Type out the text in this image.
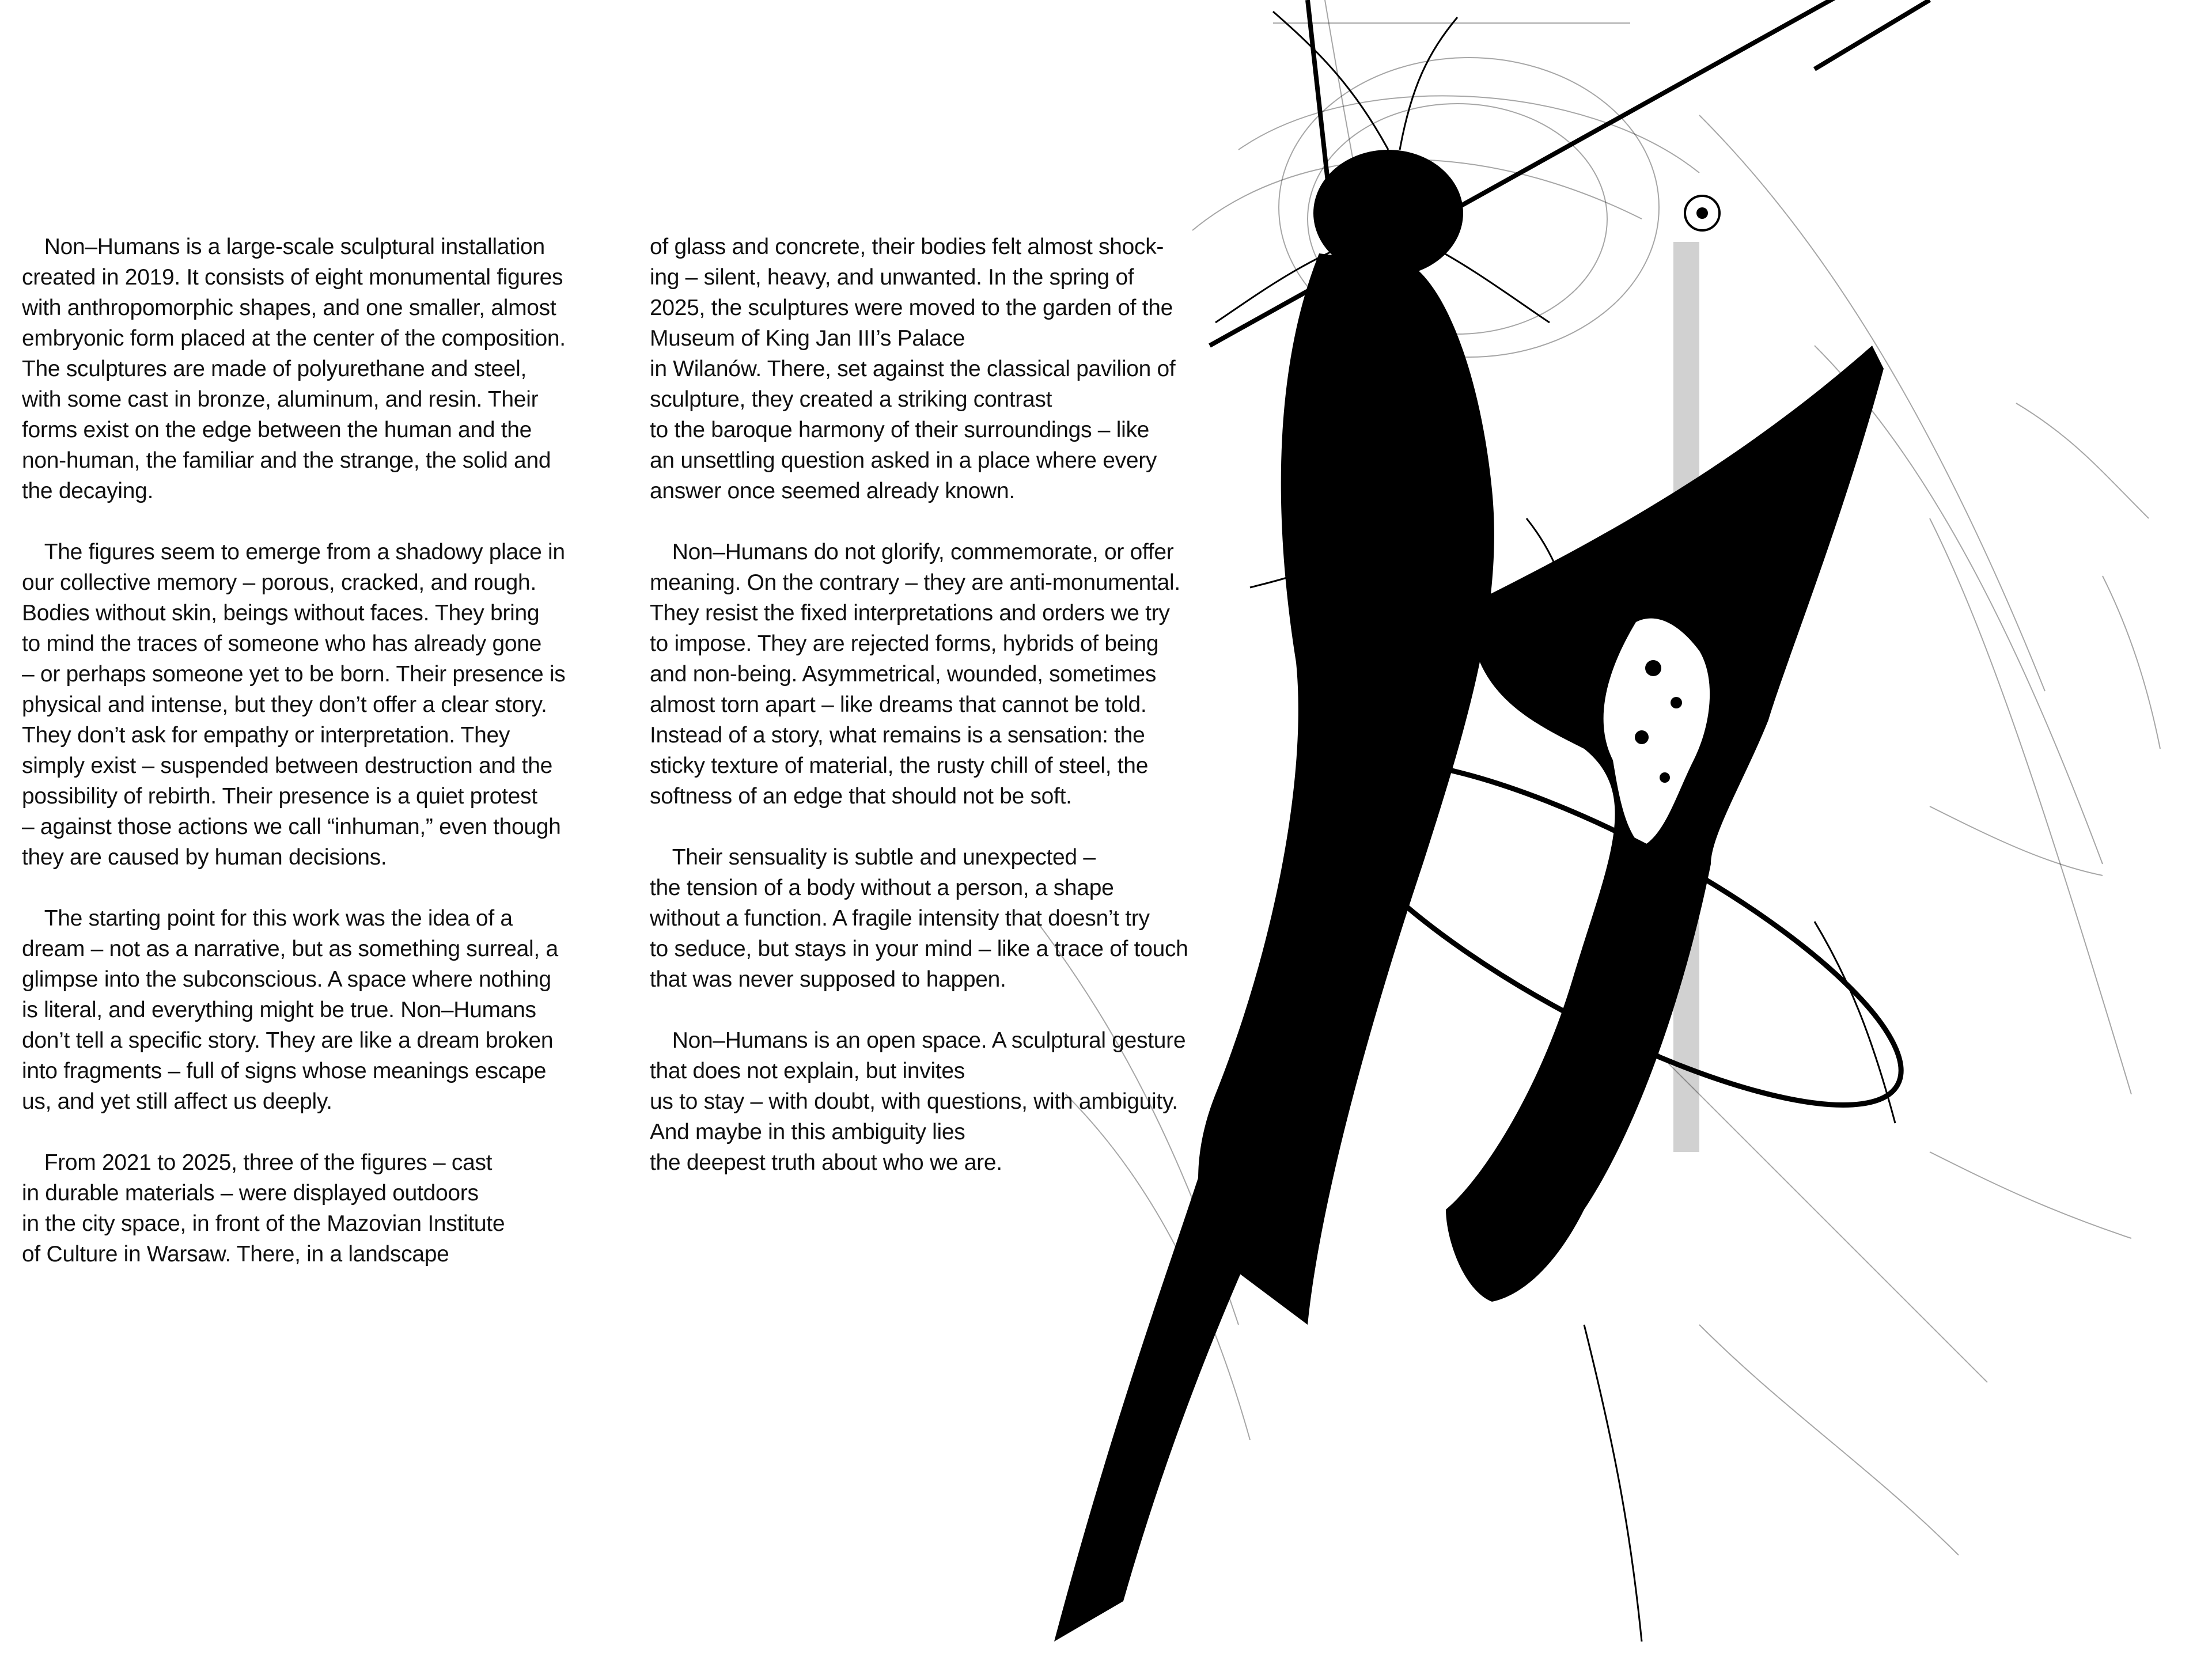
 Non–Humans is a large-scale sculptural installation
created in 2019. It consists of eight monumental figures
with anthropomorphic shapes, and one smaller, almost
embryonic form placed at the center of the composition.
The sculptures are made of polyurethane and steel,
with some cast in bronze, aluminum, and resin. Their
forms exist on the edge between the human and the
non-human, the familiar and the strange, the solid and
the decaying.
 The figures seem to emerge from a shadowy place in
our collective memory – porous, cracked, and rough.
Bodies without skin, beings without faces. They bring
to mind the traces of someone who has already gone
– or perhaps someone yet to be born. Their presence is
physical and intense, but they don’t offer a clear story.
They don’t ask for empathy or interpretation. They
simply exist – suspended between destruction and the
possibility of rebirth. Their presence is a quiet protest
– against those actions we call “inhuman,” even though
they are caused by human decisions.
 The starting point for this work was the idea of a
dream – not as a narrative, but as something surreal, a
glimpse into the subconscious. A space where nothing
is literal, and everything might be true. Non–Humans
don’t tell a specific story. They are like a dream broken
into fragments – full of signs whose meanings escape
us, and yet still affect us deeply.
 From 2021 to 2025, three of the figures – cast
in durable materials – were displayed outdoors
in the city space, in front of the Mazovian Institute
of Culture in Warsaw. There, in a landscape
of glass and concrete, their bodies felt almost shock-
ing – silent, heavy, and unwanted. In the spring of
2025, the sculptures were moved to the garden of the
Museum of King Jan III’s Palace
in Wilanów. There, set against the classical pavilion of
sculpture, they created a striking contrast
to the baroque harmony of their surroundings – like
an unsettling question asked in a place where every
answer once seemed already known.
 Non–Humans do not glorify, commemorate, or offer
meaning. On the contrary – they are anti-monumental.
They resist the fixed interpretations and orders we try
to impose. They are rejected forms, hybrids of being
and non-being. Asymmetrical, wounded, sometimes
almost torn apart – like dreams that cannot be told.
Instead of a story, what remains is a sensation: the
sticky texture of material, the rusty chill of steel, the
softness of an edge that should not be soft.
 Their sensuality is subtle and unexpected –
the tension of a body without a person, a shape
without a function. A fragile intensity that doesn’t try
to seduce, but stays in your mind – like a trace of touch
that was never supposed to happen.
 Non–Humans is an open space. A sculptural gesture
that does not explain, but invites
us to stay – with doubt, with questions, with ambiguity.
And maybe in this ambiguity lies
the deepest truth about who we are.
